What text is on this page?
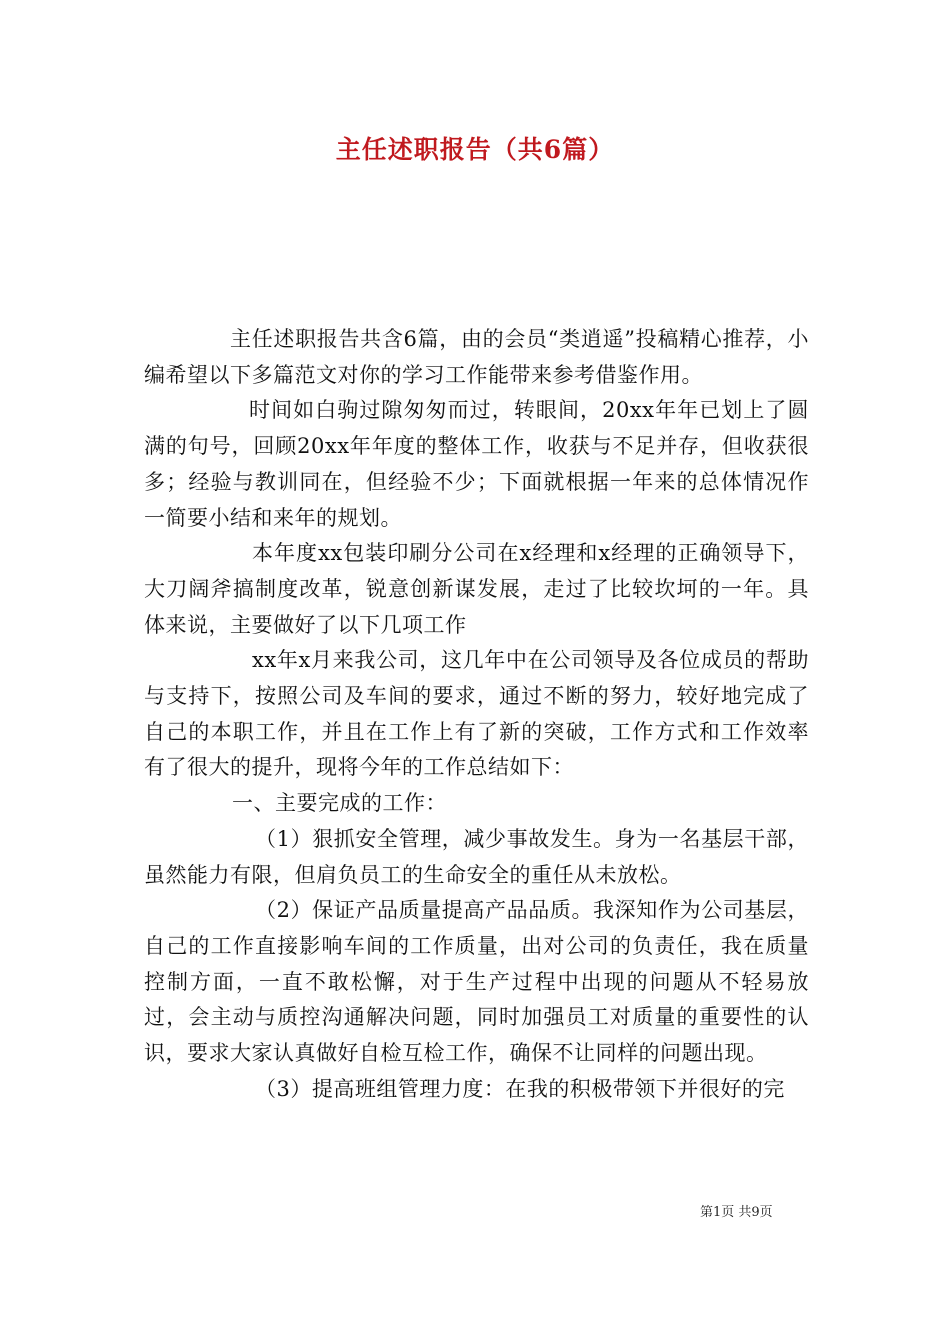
主任述职报告（共6篇）

主任述职报告共含6篇，由的会员“类逍遥”投稿精心推荐，小编希望以下多篇范文对你的学习工作能带来参考借鉴作用。

时间如白驹过隙匆匆而过，转眼间，20xx年年已划上了圆满的句号，回顾20xx年年度的整体工作，收获与不足并存，但收获很多；经验与教训同在，但经验不少；下面就根据一年来的总体情况作一简要小结和来年的规划。

本年度xx包装印刷分公司在x经理和x经理的正确领导下，大刀阔斧搞制度改革，锐意创新谋发展，走过了比较坎坷的一年。具体来说，主要做好了以下几项工作

xx年x月来我公司，这几年中在公司领导及各位成员的帮助与支持下，按照公司及车间的要求，通过不断的努力，较好地完成了自己的本职工作，并且在工作上有了新的突破，工作方式和工作效率有了很大的提升，现将今年的工作总结如下：

一、主要完成的工作：

（1）狠抓安全管理，减少事故发生。身为一名基层干部，虽然能力有限，但肩负员工的生命安全的重任从未放松。

（2）保证产品质量提高产品品质。我深知作为公司基层，自己的工作直接影响车间的工作质量，出对公司的负责任，我在质量控制方面，一直不敢松懈，对于生产过程中出现的问题从不轻易放过，会主动与质控沟通解决问题，同时加强员工对质量的重要性的认识，要求大家认真做好自检互检工作，确保不让同样的问题出现。

（3）提高班组管理力度：在我的积极带领下并很好的完

第1页 共9页
